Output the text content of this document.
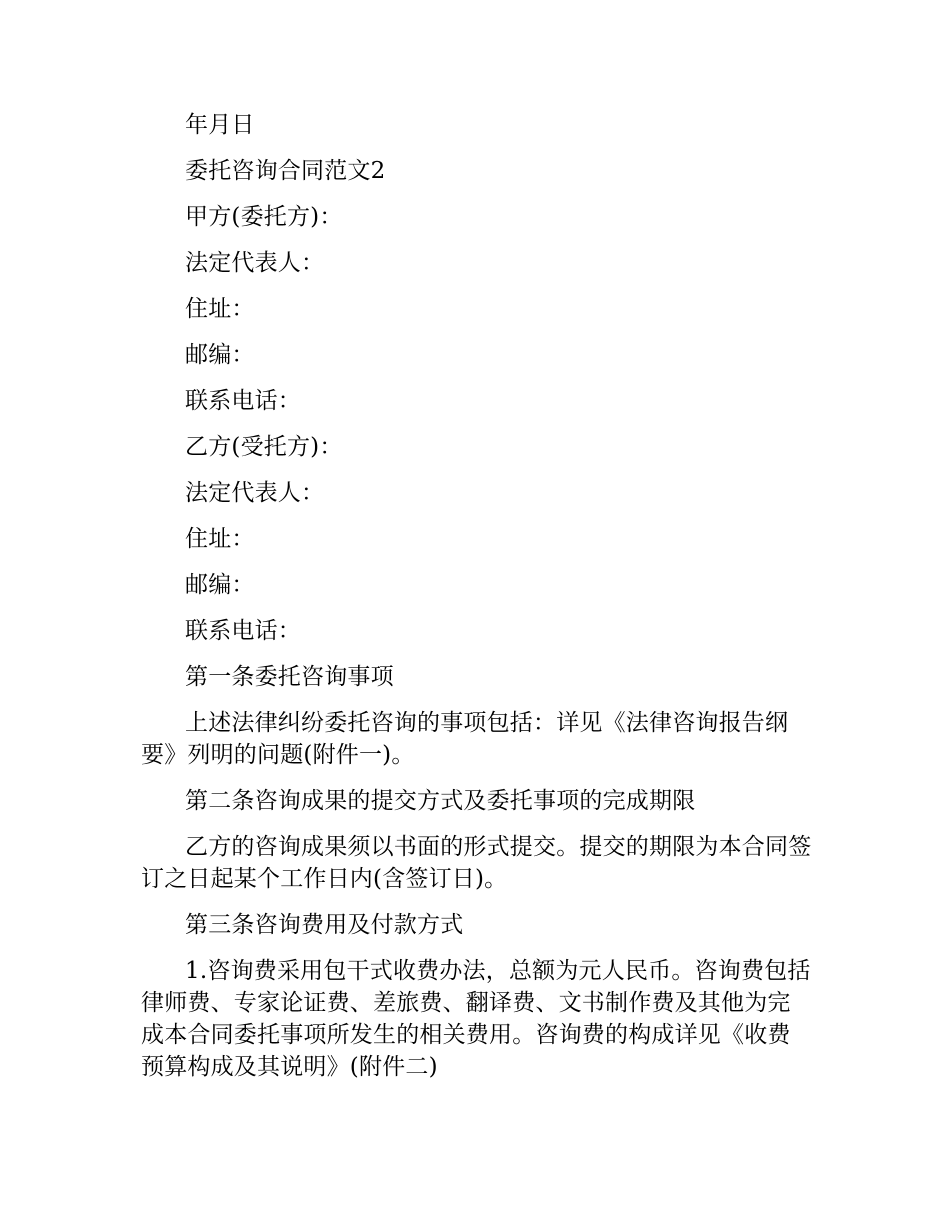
年月日
委托咨询合同范文2
甲方(委托方)：
法定代表人：
住址：
邮编：
联系电话：
乙方(受托方)：
法定代表人：
住址：
邮编：
联系电话：
第一条委托咨询事项
上述法律纠纷委托咨询的事项包括：详见《法律咨询报告纲要》列明的问题(附件一)。
第二条咨询成果的提交方式及委托事项的完成期限
乙方的咨询成果须以书面的形式提交。提交的期限为本合同签订之日起某个工作日内(含签订日)。
第三条咨询费用及付款方式
1.咨询费采用包干式收费办法，总额为元人民币。咨询费包括律师费、专家论证费、差旅费、翻译费、文书制作费及其他为完成本合同委托事项所发生的相关费用。咨询费的构成详见《收费预算构成及其说明》(附件二)
